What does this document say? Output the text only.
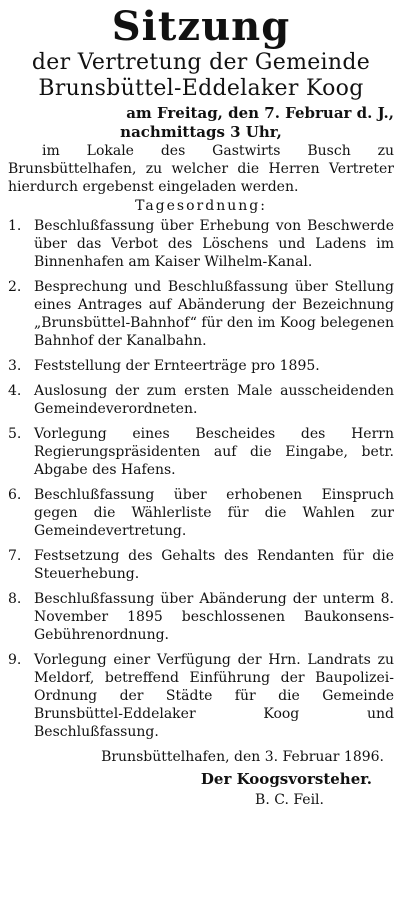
Sitzung

der Vertretung der Gemeinde

Brunsbüttel-Eddelaker Koog

am Freitag, den 7. Februar d. J.,

nachmittags 3 Uhr,

im Lokale des Gastwirts Busch zu Brunsbüttelhafen, zu welcher die Herren Vertreter hierdurch ergebenst eingeladen werden.

Tagesordnung:

1. Beschlußfassung über Erhebung von Beschwerde über das Verbot des Löschens und Ladens im Binnenhafen am Kaiser Wilhelm-Kanal.
2. Besprechung und Beschlußfassung über Stellung eines Antrages auf Abänderung der Bezeichnung „Brunsbüttel-Bahnhof“ für den im Koog belegenen Bahnhof der Kanalbahn.
3. Feststellung der Ernteerträge pro 1895.
4. Auslosung der zum ersten Male ausscheidenden Gemeindeverordneten.
5. Vorlegung eines Bescheides des Herrn Regierungspräsidenten auf die Eingabe, betr. Abgabe des Hafens.
6. Beschlußfassung über erhobenen Einspruch gegen die Wählerliste für die Wahlen zur Gemeindevertretung.
7. Festsetzung des Gehalts des Rendanten für die Steuerhebung.
8. Beschlußfassung über Abänderung der unterm 8. November 1895 beschlossenen Baukonsens-Gebührenordnung.
9. Vorlegung einer Verfügung der Hrn. Landrats zu Meldorf, betreffend Einführung der Baupolizei-Ordnung der Städte für die Gemeinde Brunsbüttel-Eddelaker Koog und Beschlußfassung.

Brunsbüttelhafen, den 3. Februar 1896.

Der Koogsvorsteher.

B. C. Feil.
